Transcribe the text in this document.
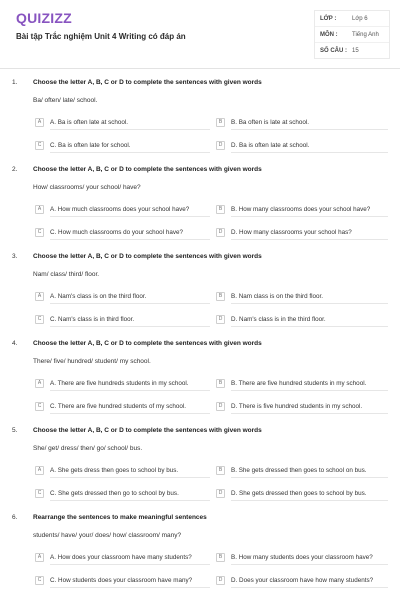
QUIZIZZ
Bài tập Trắc nghiệm Unit 4 Writing có đáp án
LỚP :	Lớp 6
MÔN :	Tiếng Anh
SỐ CÂU : 15
1. Choose the letter A, B, C or D to complete the sentences with given words
Ba/ often/ late/ school.
A	A. Ba is often late at school.	B	B. Ba often is late at school.
C	C. Ba is often late for school.	D	D. Ba is often late at school.
2. Choose the letter A, B, C or D to complete the sentences with given words
How/ classrooms/ your school/ have?
A	A. How much classrooms does your school have?	B	B. How many classrooms does your school have?
C	C. How much classrooms do your school have?	D	D. How many classrooms your school has?
3. Choose the letter A, B, C or D to complete the sentences with given words
Nam/ class/ third/ floor.
A	A. Nam's class is on the third floor.	B	B. Nam class is on the third floor.
C	C. Nam's class is in third floor.	D	D. Nam's class is in the third floor.
4. Choose the letter A, B, C or D to complete the sentences with given words
There/ five/ hundred/ student/ my school.
A	A. There are five hundreds students in my school.	B	B. There are five hundred students in my school.
C	C. There are five hundred students of my school.	D	D. There is five hundred students in my school.
5. Choose the letter A, B, C or D to complete the sentences with given words
She/ get/ dress/ then/ go/ school/ bus.
A	A. She gets dress then goes to school by bus.	B	B. She gets dressed then goes to school on bus.
C	C. She gets dressed then go to school by bus.	D	D. She gets dressed then goes to school by bus.
6. Rearrange the sentences to make meaningful sentences
students/ have/ your/ does/ how/ classroom/ many?
A	A. How does your classroom have many students?	B	B. How many students does your classroom have?
C	C. How students does your classroom have many?	D	D. Does your classroom have how many students?
